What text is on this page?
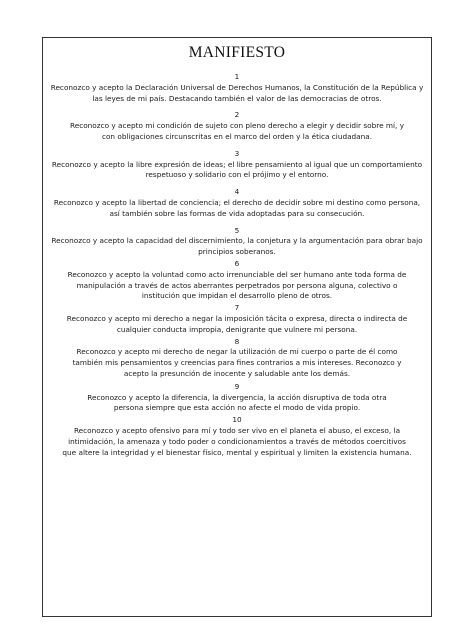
MANIFIESTO
1
Reconozco y acepto la Declaración Universal de Derechos Humanos, la Constitución de la República y las leyes de mi país. Destacando también el valor de las democracias de otros.
2
Reconozco y acepto mi condición de sujeto con pleno derecho a elegir y decidir sobre mí, y con obligaciones circunscritas en el marco del orden y la ética ciudadana.
3
Reconozco y acepto la libre expresión de ideas; el libre pensamiento al igual que un comportamiento respetuoso y solidario con el prójimo y el entorno.
4
Reconozco y acepto la libertad de conciencia; el derecho de decidir sobre mi destino como persona, así también sobre las formas de vida adoptadas para su consecución.
5
Reconozco y acepto la capacidad del discernimiento, la conjetura y la argumentación para obrar bajo principios soberanos.
6
Reconozco y acepto la voluntad como acto irrenunciable del ser humano ante toda forma de manipulación a través de actos aberrantes perpetrados por persona alguna, colectivo o institución que impidan el desarrollo pleno de otros.
7
Reconozco y acepto mi derecho a negar la imposición tácita o expresa, directa o indirecta de cualquier conducta impropia, denigrante que vulnere mi persona.
8
Reconozco y acepto mi derecho de negar la utilización de mi cuerpo o parte de él como también mis pensamientos y creencias para fines contrarios a mis intereses. Reconozco y acepto la presunción de inocente y saludable ante los demás.
9
Reconozco y acepto la diferencia, la divergencia, la acción disruptiva de toda otra persona siempre que esta acción no afecte el modo de vida propio.
10
Reconozco y acepto ofensivo para mí y todo ser vivo en el planeta el abuso, el exceso, la intimidación, la amenaza y todo poder o condicionamientos a través de métodos coercitivos que altere la integridad y el bienestar físico, mental y espiritual y limiten la existencia humana.
